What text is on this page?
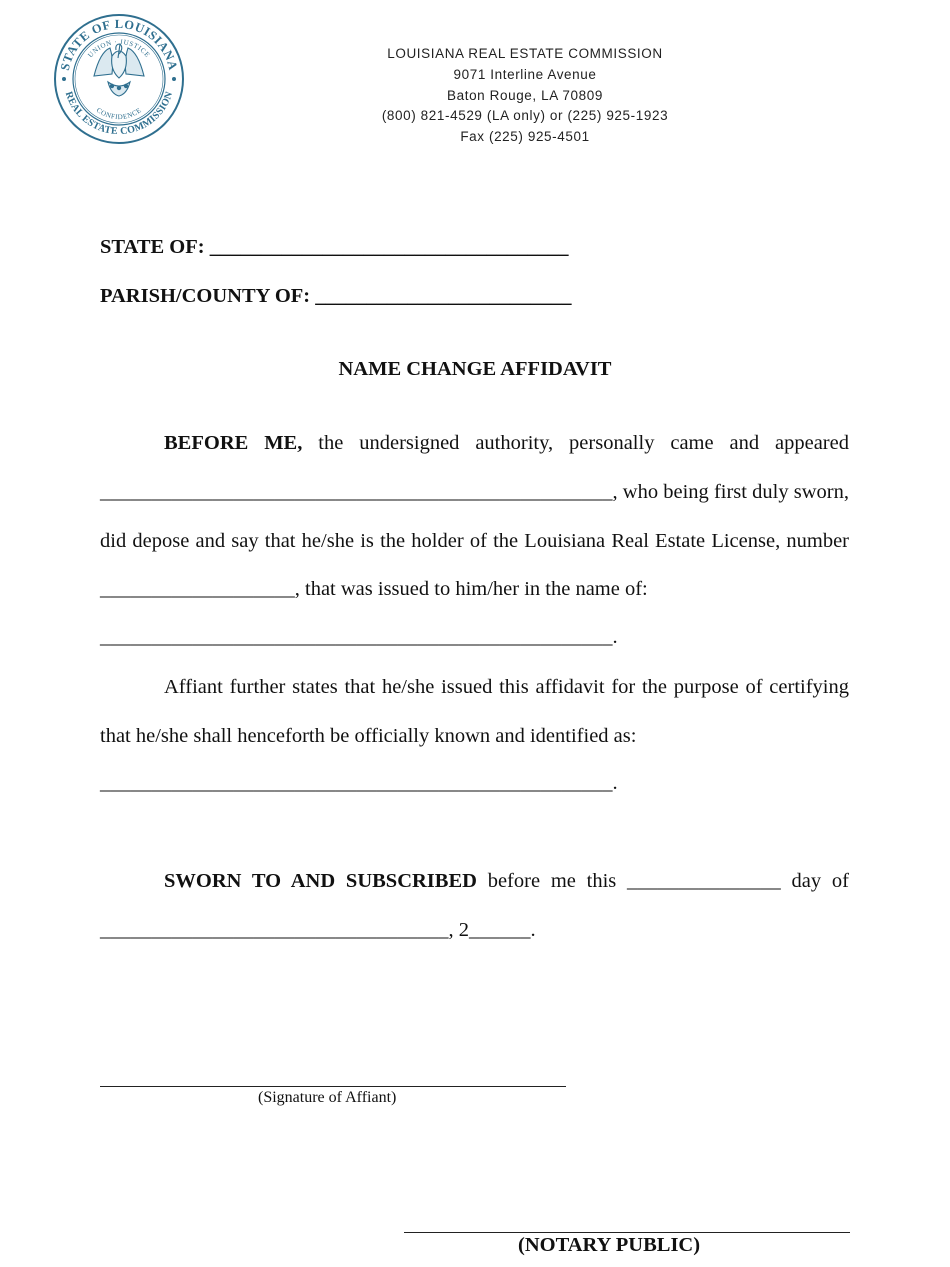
STATE OF LOUISIANA
REAL ESTATE COMMISSION
UNION · JUSTICE
CONFIDENCE
LOUISIANA REAL ESTATE COMMISSION
9071 Interline Avenue
Baton Rouge, LA 70809
(800) 821-4529 (LA only) or (225) 925-1923
Fax (225) 925-4501
STATE OF: ___________________________________
PARISH/COUNTY OF: _________________________
NAME CHANGE AFFIDAVIT
BEFORE ME, the undersigned authority, personally came and appeared __________________________________________________, who being first duly sworn, did depose and say that he/she is the holder of the Louisiana Real Estate License, number ___________________, that was issued to him/her in the name of:
__________________________________________________.
Affiant further states that he/she issued this affidavit for the purpose of certifying that he/she shall henceforth be officially known and identified as:
__________________________________________________.
SWORN TO AND SUBSCRIBED before me this _______________ day of __________________________________, 2______.
(Signature of Affiant)
(NOTARY PUBLIC)
